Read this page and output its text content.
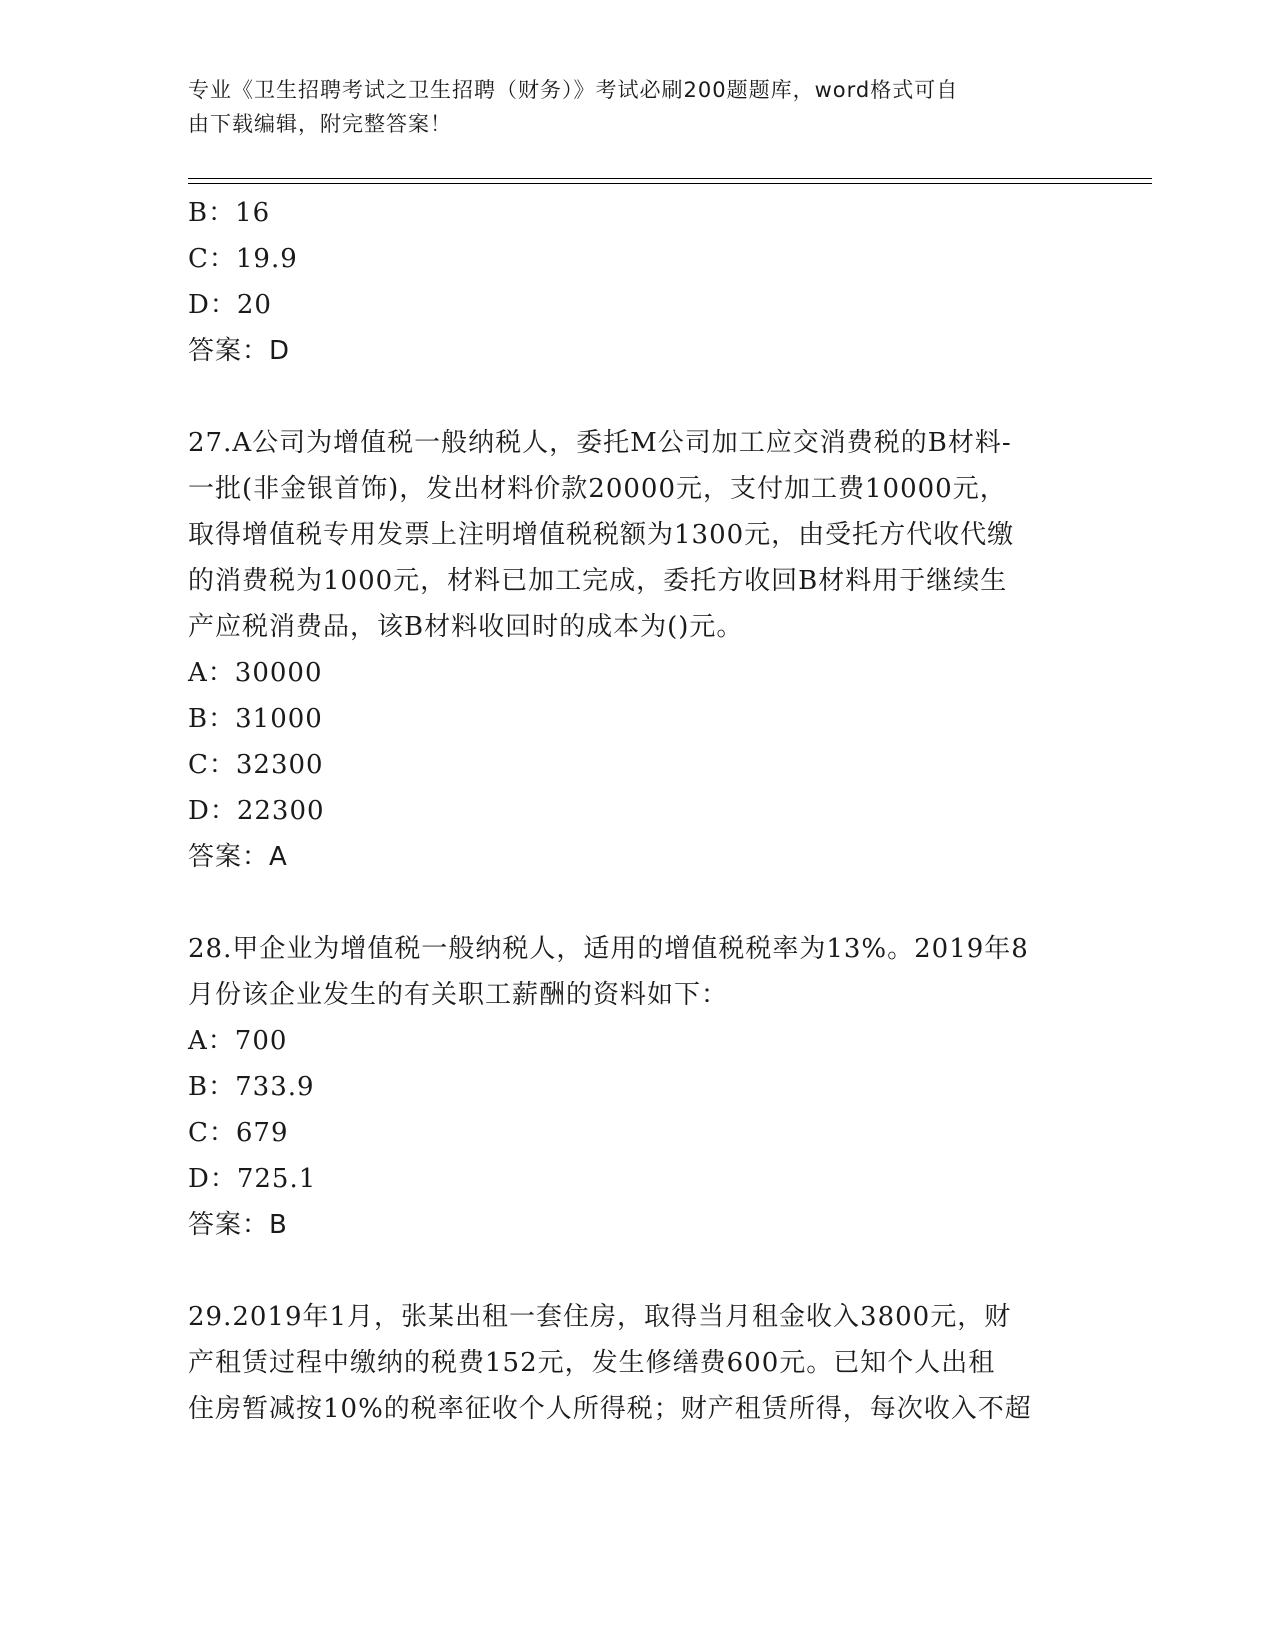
专业《卫生招聘考试之卫生招聘（财务）》考试必刷200题题库，word格式可自
由下载编辑，附完整答案！
B：16
C：19.9
D：20
答案：D
27.A公司为增值税一般纳税人，委托M公司加工应交消费税的B材料-
一批(非金银首饰)，发出材料价款20000元，支付加工费10000元，
取得增值税专用发票上注明增值税税额为1300元，由受托方代收代缴
的消费税为1000元，材料已加工完成，委托方收回B材料用于继续生
产应税消费品，该B材料收回时的成本为()元。
A：30000
B：31000
C：32300
D：22300
答案：A
28.甲企业为增值税一般纳税人，适用的增值税税率为13%。2019年8
月份该企业发生的有关职工薪酬的资料如下：
A：700
B：733.9
C：679
D：725.1
答案：B
29.2019年1月，张某出租一套住房，取得当月租金收入3800元，财
产租赁过程中缴纳的税费152元，发生修缮费600元。已知个人出租
住房暂减按10%的税率征收个人所得税；财产租赁所得，每次收入不超
